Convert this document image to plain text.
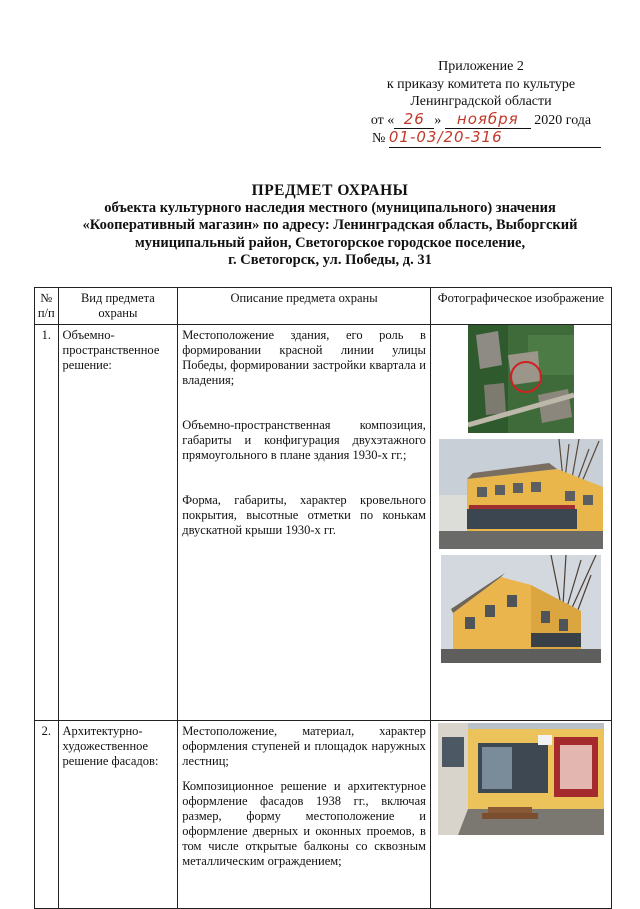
Приложение 2
к приказу комитета по культуре
Ленинградской области
от « 26 » ноября 2020 года
№ 01-03/20-316
ПРЕДМЕТ ОХРАНЫ
объекта культурного наследия местного (муниципального) значения
«Кооперативный магазин» по адресу: Ленинградская область, Выборгский
муниципальный район, Светогорское городское поселение,
г. Светогорск, ул. Победы, д. 31
№ п/п	Вид предмета охраны	Описание предмета охраны	Фотографическое изображение
1.	Объемно-пространственное решение:	Местоположение здания, его роль в формировании красной линии улицы Победы, формировании застройки квартала и владения;

Объемно-пространственная композиция, габариты и конфигурация двухэтажного прямоугольного в плане здания 1930-х гг.;

Форма, габариты, характер кровельного покрытия, высотные отметки по конькам двускатной крыши 1930-х гг.

2.	Архитектурно-художественное решение фасадов:	Местоположение, материал, характер оформления ступеней и площадок наружных лестниц;

Композиционное решение и архитектурное оформление фасадов 1938 гг., включая размер, форму местоположение и оформление дверных и оконных проемов, в том числе открытые балконы со сквозным металлическим ограждением;
